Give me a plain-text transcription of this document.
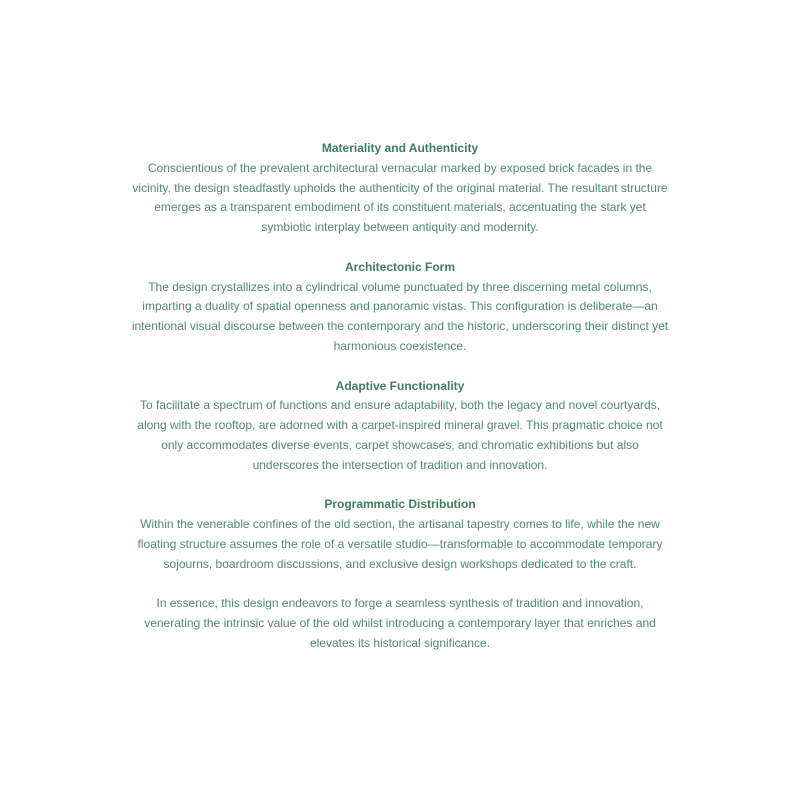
Materiality and Authenticity

Conscientious of the prevalent architectural vernacular marked by exposed brick facades in the vicinity, the design steadfastly upholds the authenticity of the original material. The resultant structure emerges as a transparent embodiment of its constituent materials, accentuating the stark yet symbiotic interplay between antiquity and modernity.

Architectonic Form

The design crystallizes into a cylindrical volume punctuated by three discerning metal columns, imparting a duality of spatial openness and panoramic vistas. This configuration is deliberate—an intentional visual discourse between the contemporary and the historic, underscoring their distinct yet harmonious coexistence.

Adaptive Functionality

To facilitate a spectrum of functions and ensure adaptability, both the legacy and novel courtyards, along with the rooftop, are adorned with a carpet-inspired mineral gravel. This pragmatic choice not only accommodates diverse events, carpet showcases, and chromatic exhibitions but also underscores the intersection of tradition and innovation.

Programmatic Distribution

Within the venerable confines of the old section, the artisanal tapestry comes to life, while the new floating structure assumes the role of a versatile studio—transformable to accommodate temporary sojourns, boardroom discussions, and exclusive design workshops dedicated to the craft.

In essence, this design endeavors to forge a seamless synthesis of tradition and innovation, venerating the intrinsic value of the old whilst introducing a contemporary layer that enriches and elevates its historical significance.
